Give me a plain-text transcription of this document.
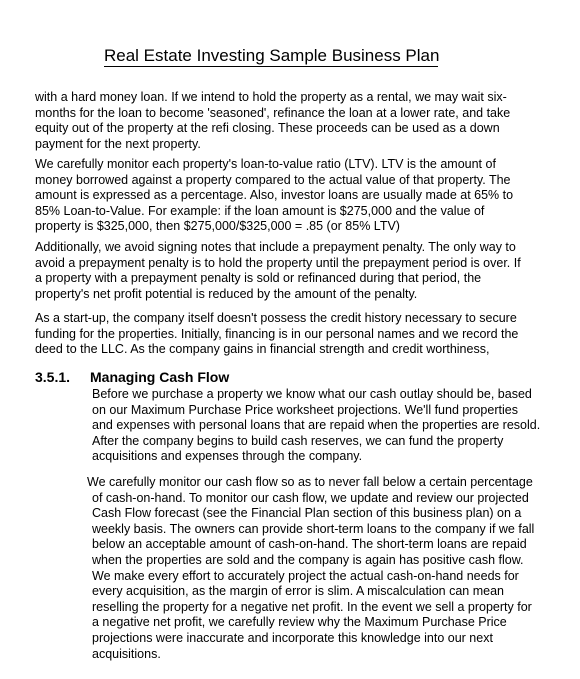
Real Estate Investing Sample Business Plan
with a hard money loan. If we intend to hold the property as a rental, we may wait six-
months for the loan to become 'seasoned', refinance the loan at a lower rate, and take
equity out of the property at the refi closing. These proceeds can be used as a down
payment for the next property.
We carefully monitor each property's loan-to-value ratio (LTV). LTV is the amount of
money borrowed against a property compared to the actual value of that property. The
amount is expressed as a percentage. Also, investor loans are usually made at 65% to
85% Loan-to-Value. For example: if the loan amount is $275,000 and the value of
property is $325,000, then $275,000/$325,000 = .85 (or 85% LTV)
Additionally, we avoid signing notes that include a prepayment penalty. The only way to
avoid a prepayment penalty is to hold the property until the prepayment period is over. If
a property with a prepayment penalty is sold or refinanced during that period, the
property's net profit potential is reduced by the amount of the penalty.
As a start-up, the company itself doesn't possess the credit history necessary to secure
funding for the properties. Initially, financing is in our personal names and we record the
deed to the LLC. As the company gains in financial strength and credit worthiness,
3.5.1. Managing Cash Flow
Before we purchase a property we know what our cash outlay should be, based
on our Maximum Purchase Price worksheet projections. We'll fund properties
and expenses with personal loans that are repaid when the properties are resold.
After the company begins to build cash reserves, we can fund the property
acquisitions and expenses through the company.
We carefully monitor our cash flow so as to never fall below a certain percentage
of cash-on-hand. To monitor our cash flow, we update and review our projected
Cash Flow forecast (see the Financial Plan section of this business plan) on a
weekly basis. The owners can provide short-term loans to the company if we fall
below an acceptable amount of cash-on-hand. The short-term loans are repaid
when the properties are sold and the company is again has positive cash flow.
We make every effort to accurately project the actual cash-on-hand needs for
every acquisition, as the margin of error is slim. A miscalculation can mean
reselling the property for a negative net profit. In the event we sell a property for
a negative net profit, we carefully review why the Maximum Purchase Price
projections were inaccurate and incorporate this knowledge into our next
acquisitions.
